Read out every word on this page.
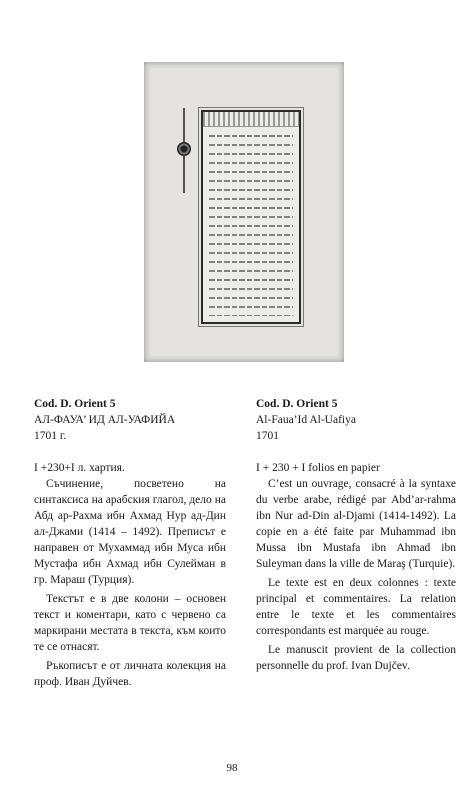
Cod. D. Orient 5

АЛ-ФАУА’ ИД АЛ-УАФИЙА

1701 г.

I +230+I л. хартия.

Съчинение, посветено на синтаксиса на арабския глагол, дело на Абд ар-Рахма ибн Ахмад Нур ад-Дин ал-Джами (1414 – 1492). Преписът е направен от Мухаммад ибн Муса ибн Мустафа ибн Ахмад ибн Сулейман в гр. Мараш (Турция).

Текстът е в две колони – основен текст и коментари, като с червено са маркирани местата в текста, към които те се отнасят.

Ръкописът е от личната колекция на проф. Иван Дуйчев.

Cod. D. Orient 5

Al-Faua’Id Al-Uafiya

1701

I + 230 + I folios en papier

C’est un ouvrage, consacré à la syntaxe du verbe arabe, rédigé par Abd’ar-rahma ibn Nur ad-Din al-Djami (1414-1492). La copie en a été faite par Muhammad ibn Mussa ibn Mustafa ibn Ahmad ibn Suleyman dans la ville de Maraş (Turquie).

Le texte est en deux colonnes : texte principal et commentaires. La relation entre le texte et les commentaires correspondants est marquée au rouge.

Le manuscit provient de la collection personnelle du prof. Ivan Dujčev.

98
